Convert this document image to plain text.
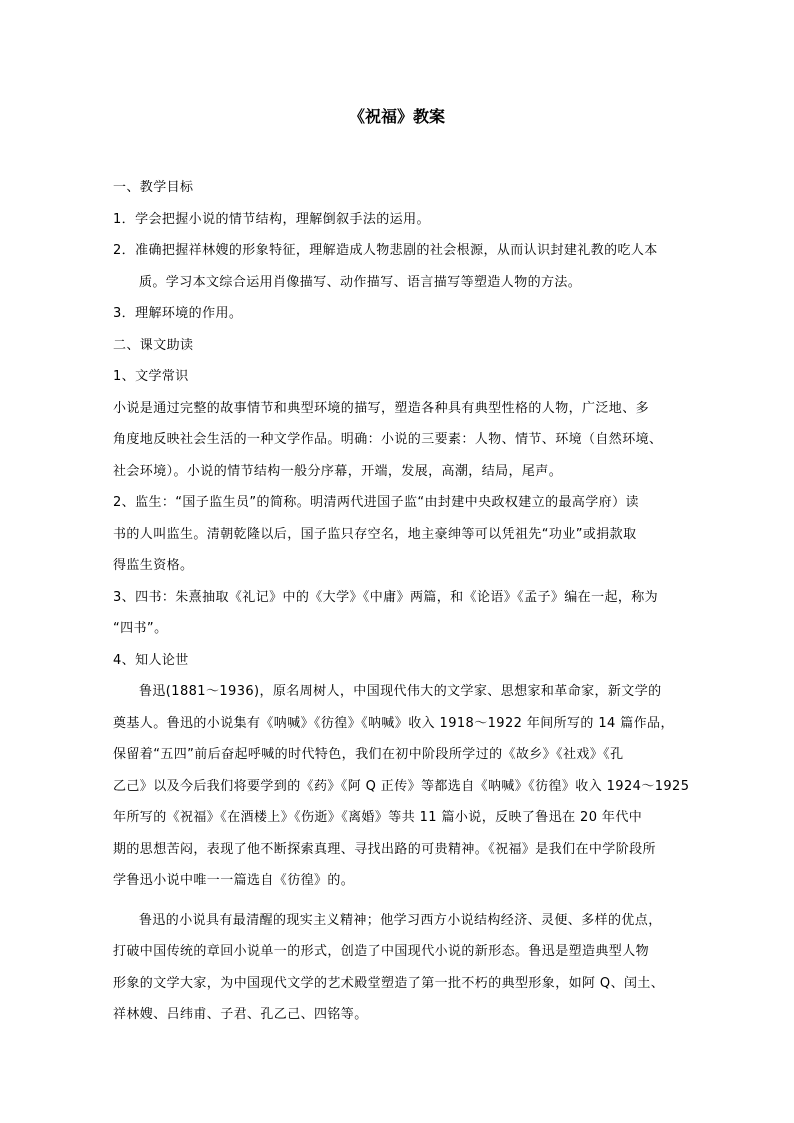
《祝福》教案
一、教学目标
1．学会把握小说的情节结构，理解倒叙手法的运用。
2．准确把握祥林嫂的形象特征，理解造成人物悲剧的社会根源，从而认识封建礼教的吃人本
质。学习本文综合运用肖像描写、动作描写、语言描写等塑造人物的方法。
3．理解环境的作用。
二、课文助读
1、文学常识
小说是通过完整的故事情节和典型环境的描写，塑造各种具有典型性格的人物，广泛地、多
角度地反映社会生活的一种文学作品。明确：小说的三要素：人物、情节、环境（自然环境、
社会环境）。小说的情节结构一般分序幕，开端，发展，高潮，结局，尾声。
2、监生：“国子监生员”的简称。明清两代进国子监“由封建中央政权建立的最高学府）读
书的人叫监生。清朝乾隆以后，国子监只存空名，地主豪绅等可以凭祖先“功业”或捐款取
得监生资格。
3、四书：朱熹抽取《礼记》中的《大学》《中庸》两篇，和《论语》《孟子》编在一起，称为
“四书”。
4、知人论世
鲁迅(1881～1936)，原名周树人，中国现代伟大的文学家、思想家和革命家，新文学的
奠基人。鲁迅的小说集有《呐喊》《彷徨》《呐喊》收入 1918～1922 年间所写的 14 篇作品，
保留着“五四”前后奋起呼喊的时代特色，我们在初中阶段所学过的《故乡》《社戏》《孔
乙己》以及今后我们将要学到的《药》《阿 Q 正传》等都选自《呐喊》《彷徨》收入 1924～1925
年所写的《祝福》《在酒楼上》《伤逝》《离婚》等共 11 篇小说，反映了鲁迅在 20 年代中
期的思想苦闷，表现了他不断探索真理、寻找出路的可贵精神。《祝福》是我们在中学阶段所
学鲁迅小说中唯一一篇选自《彷徨》的。
鲁迅的小说具有最清醒的现实主义精神；他学习西方小说结构经济、灵便、多样的优点，
打破中国传统的章回小说单一的形式，创造了中国现代小说的新形态。鲁迅是塑造典型人物
形象的文学大家，为中国现代文学的艺术殿堂塑造了第一批不朽的典型形象，如阿 Q、闰土、
祥林嫂、吕纬甫、子君、孔乙己、四铭等。
